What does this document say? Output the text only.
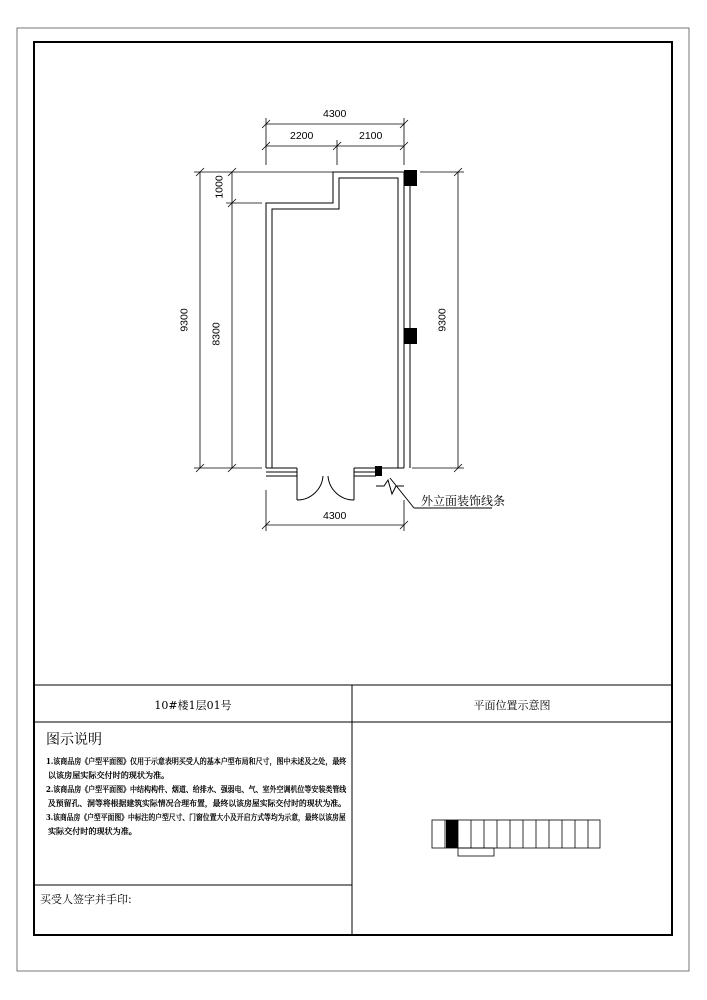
4300
2200	2100
9300
1000
8300
9300
4300
外立面装饰线条
10#楼1层01号	平面位置示意图
图示说明
1.该商品房《户型平面图》仅用于示意表明买受人的基本户型布局和尺寸，图中未述及之处，最终
以该房屋实际交付时的现状为准。
2.该商品房《户型平面图》中结构构件、烟道、给排水、强弱电、气、室外空调机位等安装类管线
及预留孔、洞等将根据建筑实际情况合理布置，最终以该房屋实际交付时的现状为准。
3.该商品房《户型平面图》中标注的户型尺寸、门窗位置大小及开启方式等均为示意，最终以该房屋
实际交付时的现状为准。
买受人签字并手印:
